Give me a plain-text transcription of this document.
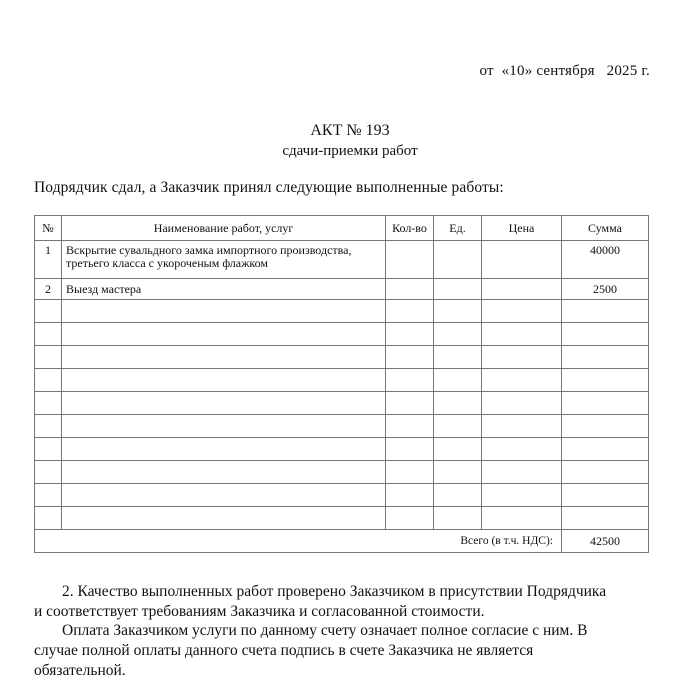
от  «10» сентября   2025 г.
АКТ № 193
сдачи-приемки работ
Подрядчик сдал, а Заказчик принял следующие выполненные работы:
№	Наименование работ, услуг	Кол-во	Ед.	Цена	Сумма
1	Вскрытие сувальдного замка импортного производства,
третьего класса с укороченым флажком				40000
2	Выезд мастера				2500

Всего (в т.ч. НДС):					42500
2. Качество выполненных работ проверено Заказчиком в присутствии Подрядчика
и соответствует требованиям Заказчика и согласованной стоимости.
Оплата Заказчиком услуги по данному счету означает полное согласие с ним. В
случае полной оплаты данного счета подпись в счете Заказчика не является
обязательной.
